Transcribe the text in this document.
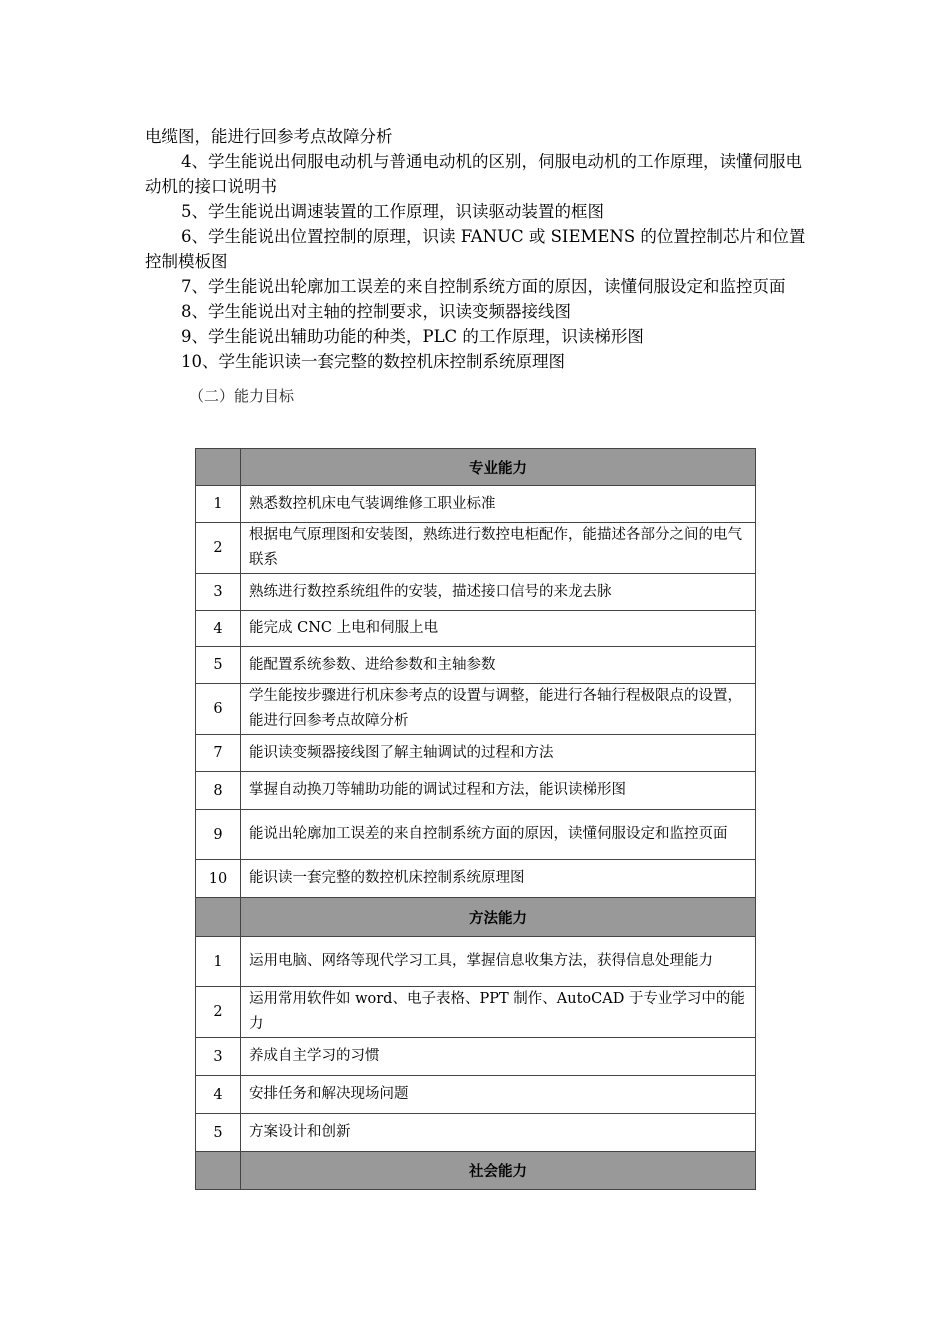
电缆图，能进行回参考点故障分析

4、学生能说出伺服电动机与普通电动机的区别，伺服电动机的工作原理，读懂伺服电动机的接口说明书

5、学生能说出调速装置的工作原理，识读驱动装置的框图

6、学生能说出位置控制的原理，识读 FANUC 或 SIEMENS 的位置控制芯片和位置控制模板图

7、学生能说出轮廓加工误差的来自控制系统方面的原因，读懂伺服设定和监控页面

8、学生能说出对主轴的控制要求，识读变频器接线图

9、学生能说出辅助功能的种类，PLC 的工作原理，识读梯形图

10、学生能识读一套完整的数控机床控制系统原理图

（二）能力目标
	专业能力
1	熟悉数控机床电气装调维修工职业标准
2	根据电气原理图和安装图，熟练进行数控电柜配作，能描述各部分之间的电气联系
3	熟练进行数控系统组件的安装，描述接口信号的来龙去脉
4	能完成 CNC 上电和伺服上电
5	能配置系统参数、进给参数和主轴参数
6	学生能按步骤进行机床参考点的设置与调整，能进行各轴行程极限点的设置，能进行回参考点故障分析
7	能识读变频器接线图了解主轴调试的过程和方法
8	掌握自动换刀等辅助功能的调试过程和方法，能识读梯形图
9	能说出轮廓加工误差的来自控制系统方面的原因，读懂伺服设定和监控页面
10	能识读一套完整的数控机床控制系统原理图
	方法能力
1	运用电脑、网络等现代学习工具，掌握信息收集方法，获得信息处理能力
2	运用常用软件如 word、电子表格、PPT 制作、AutoCAD 于专业学习中的能力
3	养成自主学习的习惯
4	安排任务和解决现场问题
5	方案设计和创新
	社会能力
